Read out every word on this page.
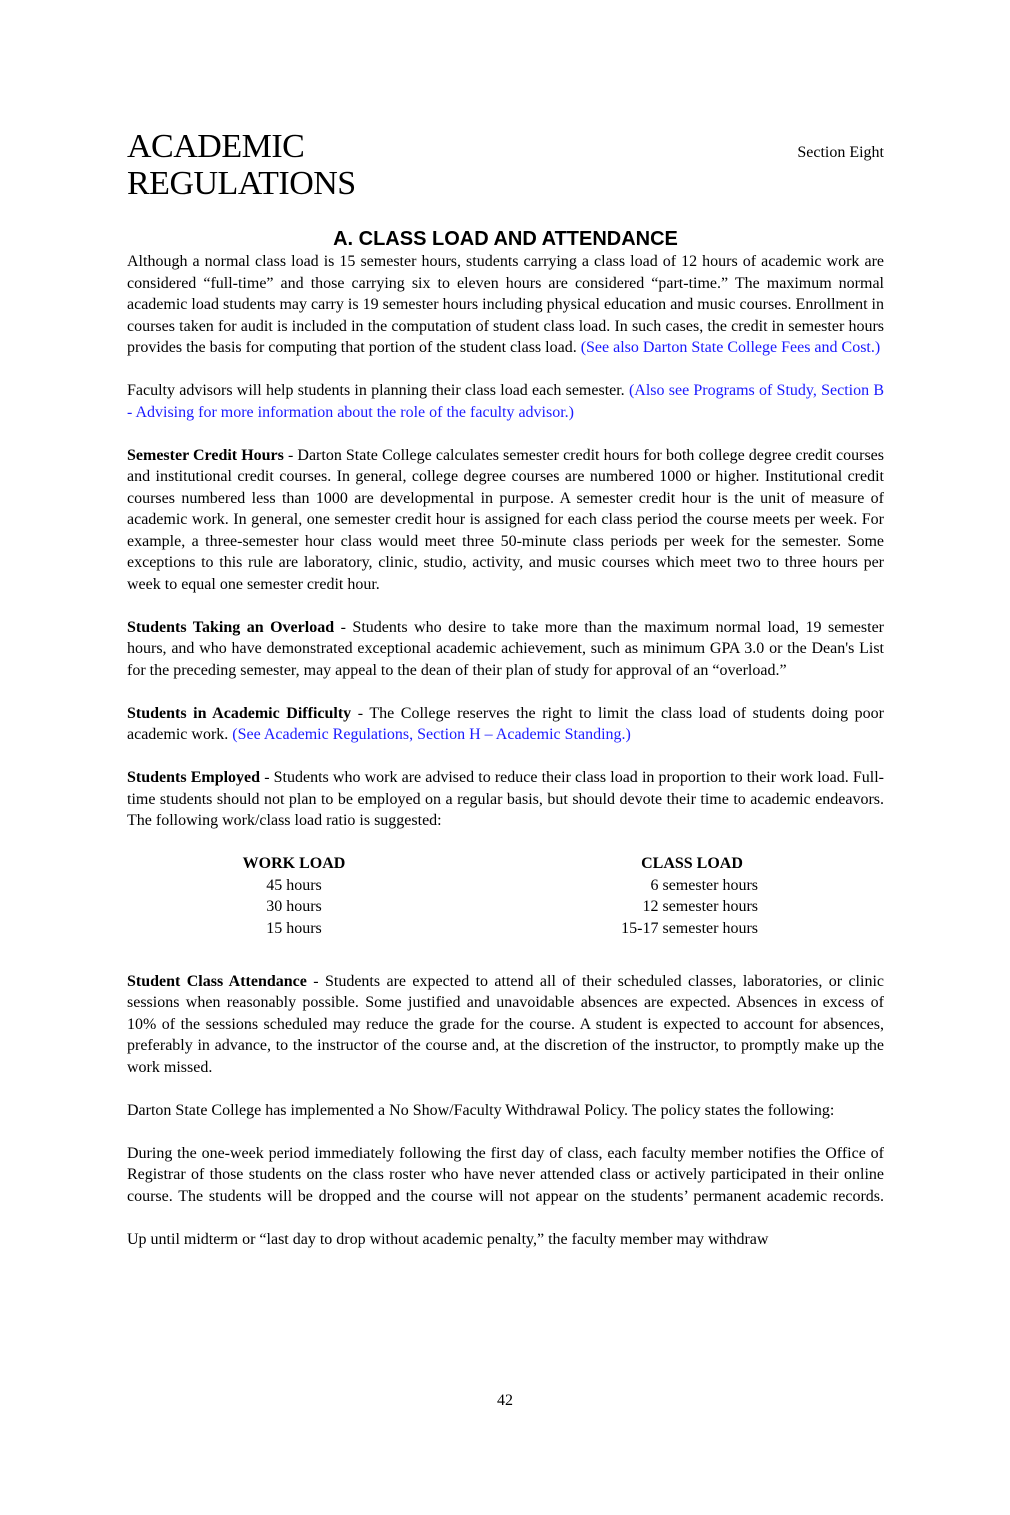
ACADEMIC
REGULATIONS
Section Eight
A. CLASS LOAD AND ATTENDANCE

Although a normal class load is 15 semester hours, students carrying a class load of 12 hours of academic work are considered “full-time” and those carrying six to eleven hours are considered “part-time.” The maximum normal academic load students may carry is 19 semester hours including physical education and music courses. Enrollment in courses taken for audit is included in the computation of student class load. In such cases, the credit in semester hours provides the basis for computing that portion of the student class load. (See also Darton State College Fees and Cost.)

Faculty advisors will help students in planning their class load each semester. (Also see Programs of Study, Section B - Advising for more information about the role of the faculty advisor.)

Semester Credit Hours - Darton State College calculates semester credit hours for both college degree credit courses and institutional credit courses. In general, college degree courses are numbered 1000 or higher. Institutional credit courses numbered less than 1000 are developmental in purpose. A semester credit hour is the unit of measure of academic work. In general, one semester credit hour is assigned for each class period the course meets per week. For example, a three-semester hour class would meet three 50-minute class periods per week for the semester. Some exceptions to this rule are laboratory, clinic, studio, activity, and music courses which meet two to three hours per week to equal one semester credit hour.

Students Taking an Overload - Students who desire to take more than the maximum normal load, 19 semester hours, and who have demonstrated exceptional academic achievement, such as minimum GPA 3.0 or the Dean's List for the preceding semester, may appeal to the dean of their plan of study for approval of an “overload.”

Students in Academic Difficulty - The College reserves the right to limit the class load of students doing poor academic work. (See Academic Regulations, Section H – Academic Standing.)

Students Employed - Students who work are advised to reduce their class load in proportion to their work load. Full-time students should not plan to be employed on a regular basis, but should devote their time to academic endeavors. The following work/class load ratio is suggested:

WORK LOAD	CLASS LOAD
45 hours	6 semester hours
30 hours	12 semester hours
15 hours	15-17 semester hours

Student Class Attendance - Students are expected to attend all of their scheduled classes, laboratories, or clinic sessions when reasonably possible. Some justified and unavoidable absences are expected. Absences in excess of 10% of the sessions scheduled may reduce the grade for the course. A student is expected to account for absences, preferably in advance, to the instructor of the course and, at the discretion of the instructor, to promptly make up the work missed.

Darton State College has implemented a No Show/Faculty Withdrawal Policy. The policy states the following:

During the one-week period immediately following the first day of class, each faculty member notifies the Office of Registrar of those students on the class roster who have never attended class or actively participated in their online course. The students will be dropped and the course will not appear on the students’ permanent academic records.

Up until midterm or “last day to drop without academic penalty,” the faculty member may withdraw

42
